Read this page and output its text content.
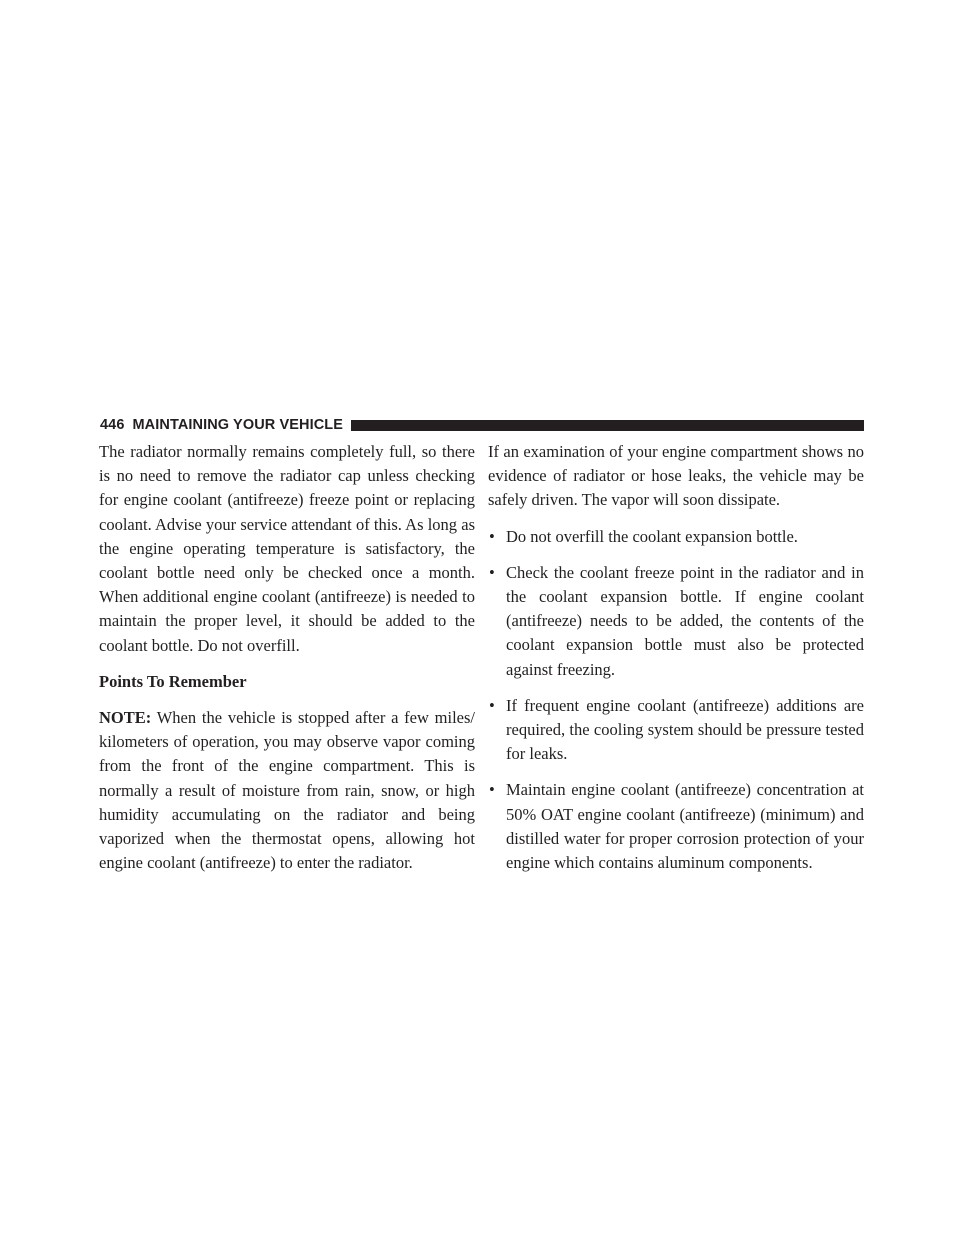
446 MAINTAINING YOUR VEHICLE

The radiator normally remains completely full, so there is no need to remove the radiator cap unless checking for engine coolant (antifreeze) freeze point or replacing coolant. Advise your service attendant of this. As long as the engine operating temperature is satisfactory, the coolant bottle need only be checked once a month. When additional engine coolant (antifreeze) is needed to maintain the proper level, it should be added to the coolant bottle. Do not overfill.

Points To Remember

NOTE: When the vehicle is stopped after a few miles/ kilometers of operation, you may observe vapor coming from the front of the engine compartment. This is normally a result of moisture from rain, snow, or high humidity accumulating on the radiator and being vaporized when the thermostat opens, allowing hot engine coolant (antifreeze) to enter the radiator.

If an examination of your engine compartment shows no evidence of radiator or hose leaks, the vehicle may be safely driven. The vapor will soon dissipate.

• Do not overfill the coolant expansion bottle.
• Check the coolant freeze point in the radiator and in the coolant expansion bottle. If engine coolant (antifreeze) needs to be added, the contents of the coolant expansion bottle must also be protected against freezing.
• If frequent engine coolant (antifreeze) additions are required, the cooling system should be pressure tested for leaks.
• Maintain engine coolant (antifreeze) concentration at 50% OAT engine coolant (antifreeze) (minimum) and distilled water for proper corrosion protection of your engine which contains aluminum components.
